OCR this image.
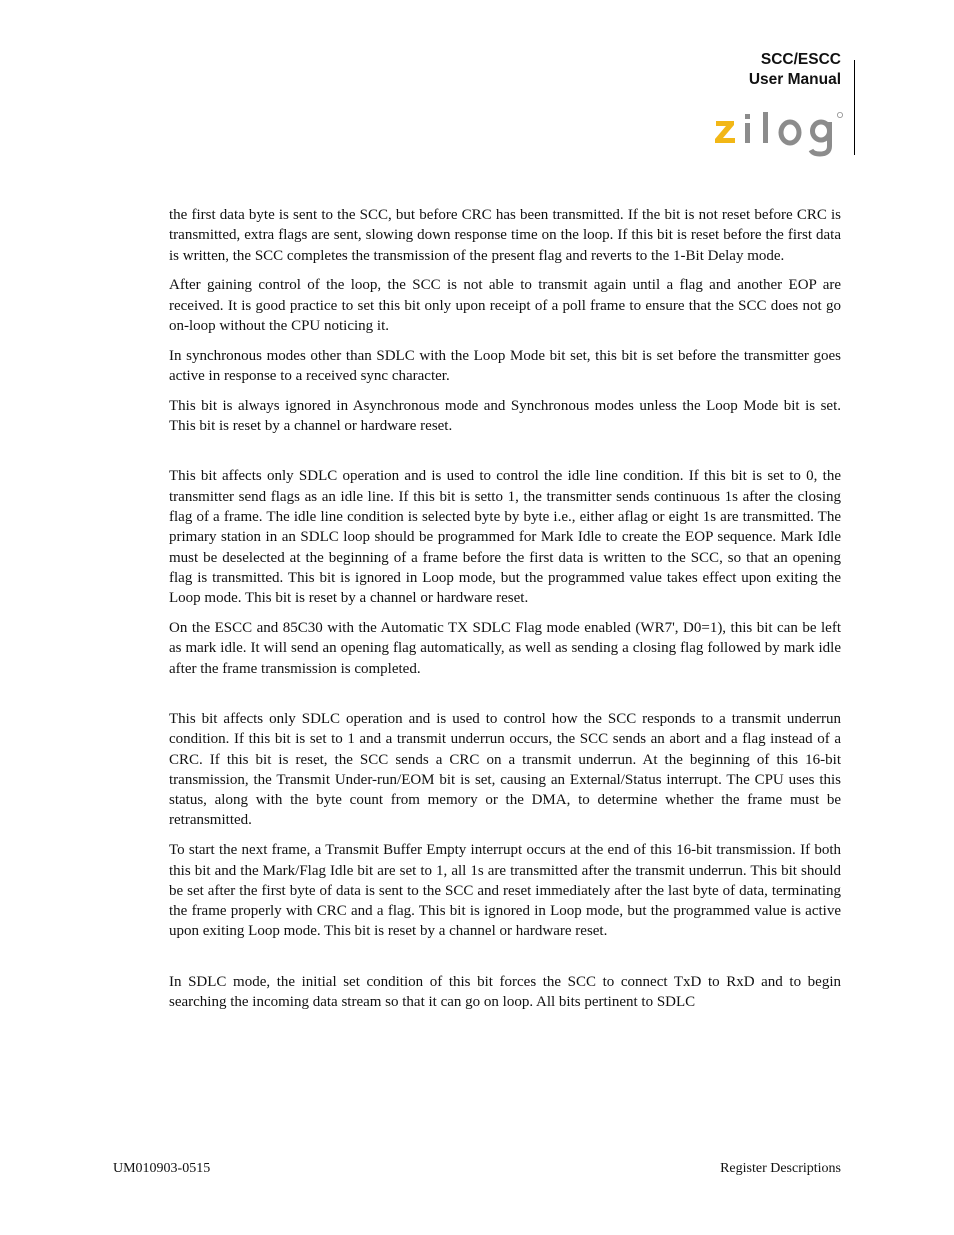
SCC/ESCC
User Manual

the first data byte is sent to the SCC, but before CRC has been transmitted. If the bit is not reset before CRC is transmitted, extra flags are sent, slowing down response time on the loop. If this bit is reset before the first data is written, the SCC completes the transmission of the present flag and reverts to the 1-Bit Delay mode.

After gaining control of the loop, the SCC is not able to transmit again until a flag and another EOP are received. It is good practice to set this bit only upon receipt of a poll frame to ensure that the SCC does not go on-loop without the CPU noticing it.

In synchronous modes other than SDLC with the Loop Mode bit set, this bit is set before the transmitter goes active in response to a received sync character.

This bit is always ignored in Asynchronous mode and Synchronous modes unless the Loop Mode bit is set. This bit is reset by a channel or hardware reset.

This bit affects only SDLC operation and is used to control the idle line condition. If this bit is set to 0, the transmitter send flags as an idle line. If this bit is setto 1, the transmitter sends continuous 1s after the closing flag of a frame. The idle line condition is selected byte by byte i.e., either aflag or eight 1s are transmitted. The primary station in an SDLC loop should be programmed for Mark Idle to create the EOP sequence. Mark Idle must be deselected at the beginning of a frame before the first data is written to the SCC, so that an opening flag is transmitted. This bit is ignored in Loop mode, but the programmed value takes effect upon exiting the Loop mode. This bit is reset by a channel or hardware reset.

On the ESCC and 85C30 with the Automatic TX SDLC Flag mode enabled (WR7', D0=1), this bit can be left as mark idle. It will send an opening flag automatically, as well as sending a closing flag followed by mark idle after the frame transmission is completed.

This bit affects only SDLC operation and is used to control how the SCC responds to a transmit underrun condition. If this bit is set to 1 and a transmit underrun occurs, the SCC sends an abort and a flag instead of a CRC. If this bit is reset, the SCC sends a CRC on a transmit underrun. At the beginning of this 16-bit transmission, the Transmit Under-run/EOM bit is set, causing an External/Status interrupt. The CPU uses this status, along with the byte count from memory or the DMA, to determine whether the frame must be retransmitted.

To start the next frame, a Transmit Buffer Empty interrupt occurs at the end of this 16-bit transmission. If both this bit and the Mark/Flag Idle bit are set to 1, all 1s are transmitted after the transmit underrun. This bit should be set after the first byte of data is sent to the SCC and reset immediately after the last byte of data, terminating the frame properly with CRC and a flag. This bit is ignored in Loop mode, but the programmed value is active upon exiting Loop mode. This bit is reset by a channel or hardware reset.

In SDLC mode, the initial set condition of this bit forces the SCC to connect TxD to RxD and to begin searching the incoming data stream so that it can go on loop. All bits pertinent to SDLC

UM010903-0515	Register Descriptions
